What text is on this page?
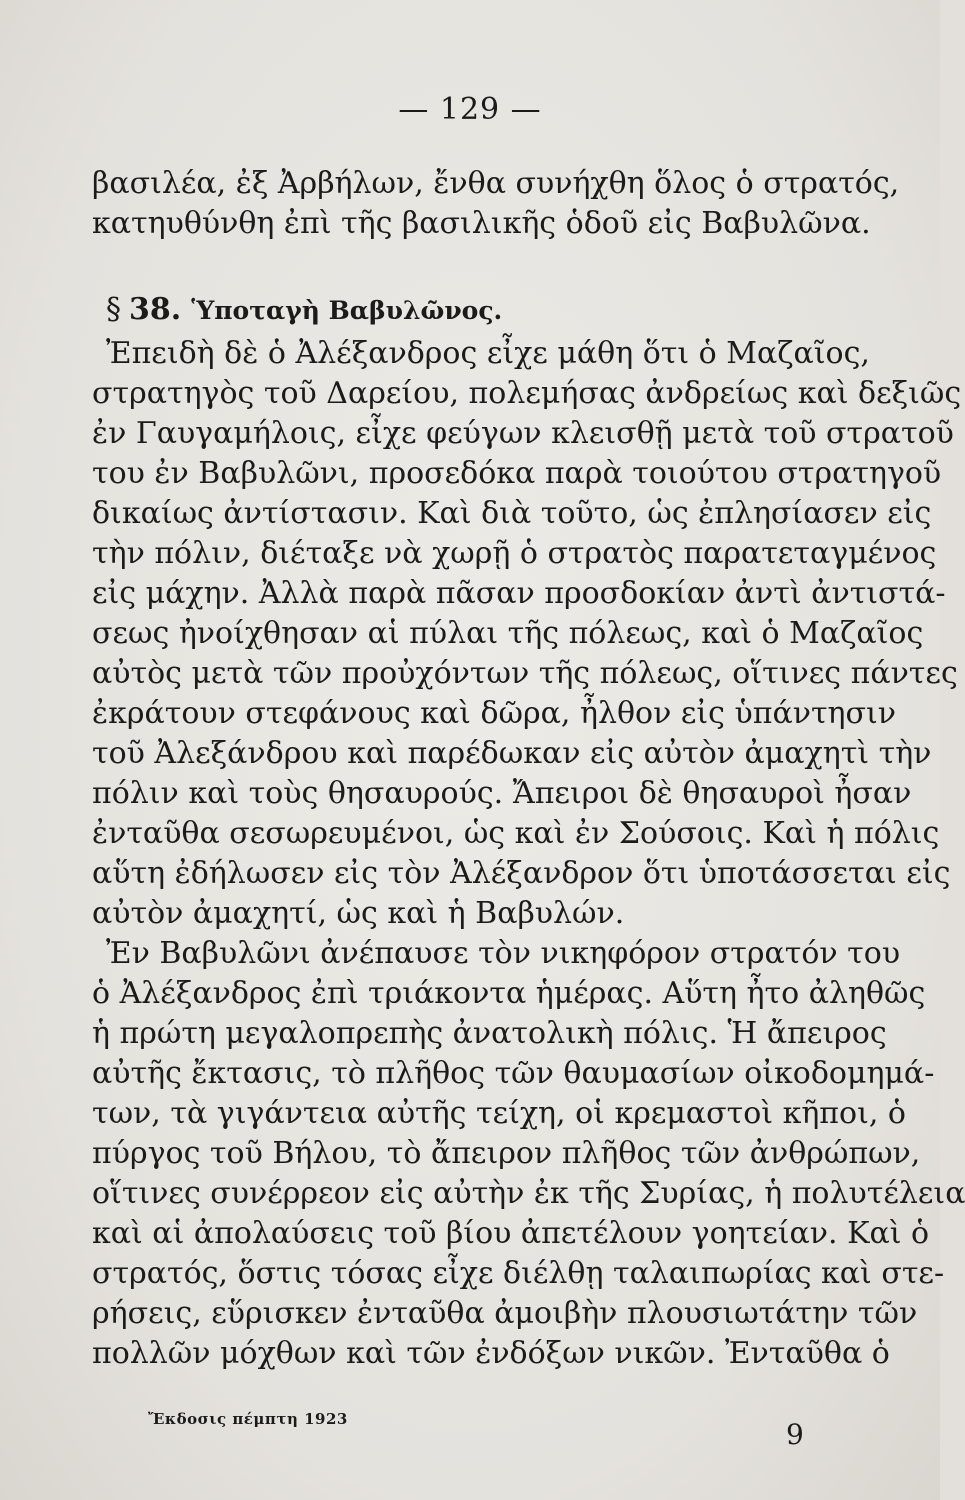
— 129 —
βασιλέα, ἐξ Ἀρβήλων, ἔνθα συνήχθη ὅλος ὁ στρατός,
κατηυθύνθη ἐπὶ τῆς βασιλικῆς ὁδοῦ εἰς Βαβυλῶνα.
§ 38. Ὑποταγὴ Βαβυλῶνος.
Ἐπειδὴ δὲ ὁ Ἀλέξανδρος εἶχε μάθη ὅτι ὁ Μαζαῖος,
στρατηγὸς τοῦ Δαρείου, πολεμήσας ἀνδρείως καὶ δεξιῶς
ἐν Γαυγαμήλοις, εἶχε φεύγων κλεισθῇ μετὰ τοῦ στρατοῦ
του ἐν Βαβυλῶνι, προσεδόκα παρὰ τοιούτου στρατηγοῦ
δικαίως ἀντίστασιν. Καὶ διὰ τοῦτο, ὡς ἐπλησίασεν εἰς
τὴν πόλιν, διέταξε νὰ χωρῇ ὁ στρατὸς παρατεταγμένος
εἰς μάχην. Ἀλλὰ παρὰ πᾶσαν προσδοκίαν ἀντὶ ἀντιστά-
σεως ἠνοίχθησαν αἱ πύλαι τῆς πόλεως, καὶ ὁ Μαζαῖος
αὐτὸς μετὰ τῶν προὐχόντων τῆς πόλεως, οἵτινες πάντες
ἐκράτουν στεφάνους καὶ δῶρα, ἦλθον εἰς ὑπάντησιν
τοῦ Ἀλεξάνδρου καὶ παρέδωκαν εἰς αὐτὸν ἀμαχητὶ τὴν
πόλιν καὶ τοὺς θησαυρούς. Ἄπειροι δὲ θησαυροὶ ἦσαν
ἐνταῦθα σεσωρευμένοι, ὡς καὶ ἐν Σούσοις. Καὶ ἡ πόλις
αὕτη ἐδήλωσεν εἰς τὸν Ἀλέξανδρον ὅτι ὑποτάσσεται εἰς
αὐτὸν ἀμαχητί, ὡς καὶ ἡ Βαβυλών.
Ἐν Βαβυλῶνι ἀνέπαυσε τὸν νικηφόρον στρατόν του
ὁ Ἀλέξανδρος ἐπὶ τριάκοντα ἡμέρας. Αὕτη ἦτο ἀληθῶς
ἡ πρώτη μεγαλοπρεπὴς ἀνατολικὴ πόλις. Ἡ ἄπειρος
αὐτῆς ἔκτασις, τὸ πλῆθος τῶν θαυμασίων οἰκοδομημά-
των, τὰ γιγάντεια αὐτῆς τείχη, οἱ κρεμαστοὶ κῆποι, ὁ
πύργος τοῦ Βήλου, τὸ ἄπειρον πλῆθος τῶν ἀνθρώπων,
οἵτινες συνέρρεον εἰς αὐτὴν ἐκ τῆς Συρίας, ἡ πολυτέλεια
καὶ αἱ ἀπολαύσεις τοῦ βίου ἀπετέλουν γοητείαν. Καὶ ὁ
στρατός, ὅστις τόσας εἶχε διέλθῃ ταλαιπωρίας καὶ στε-
ρήσεις, εὕρισκεν ἐνταῦθα ἀμοιβὴν πλουσιωτάτην τῶν
πολλῶν μόχθων καὶ τῶν ἐνδόξων νικῶν. Ἐνταῦθα ὁ
Ἔκδοσις πέμπτη 1923	9
